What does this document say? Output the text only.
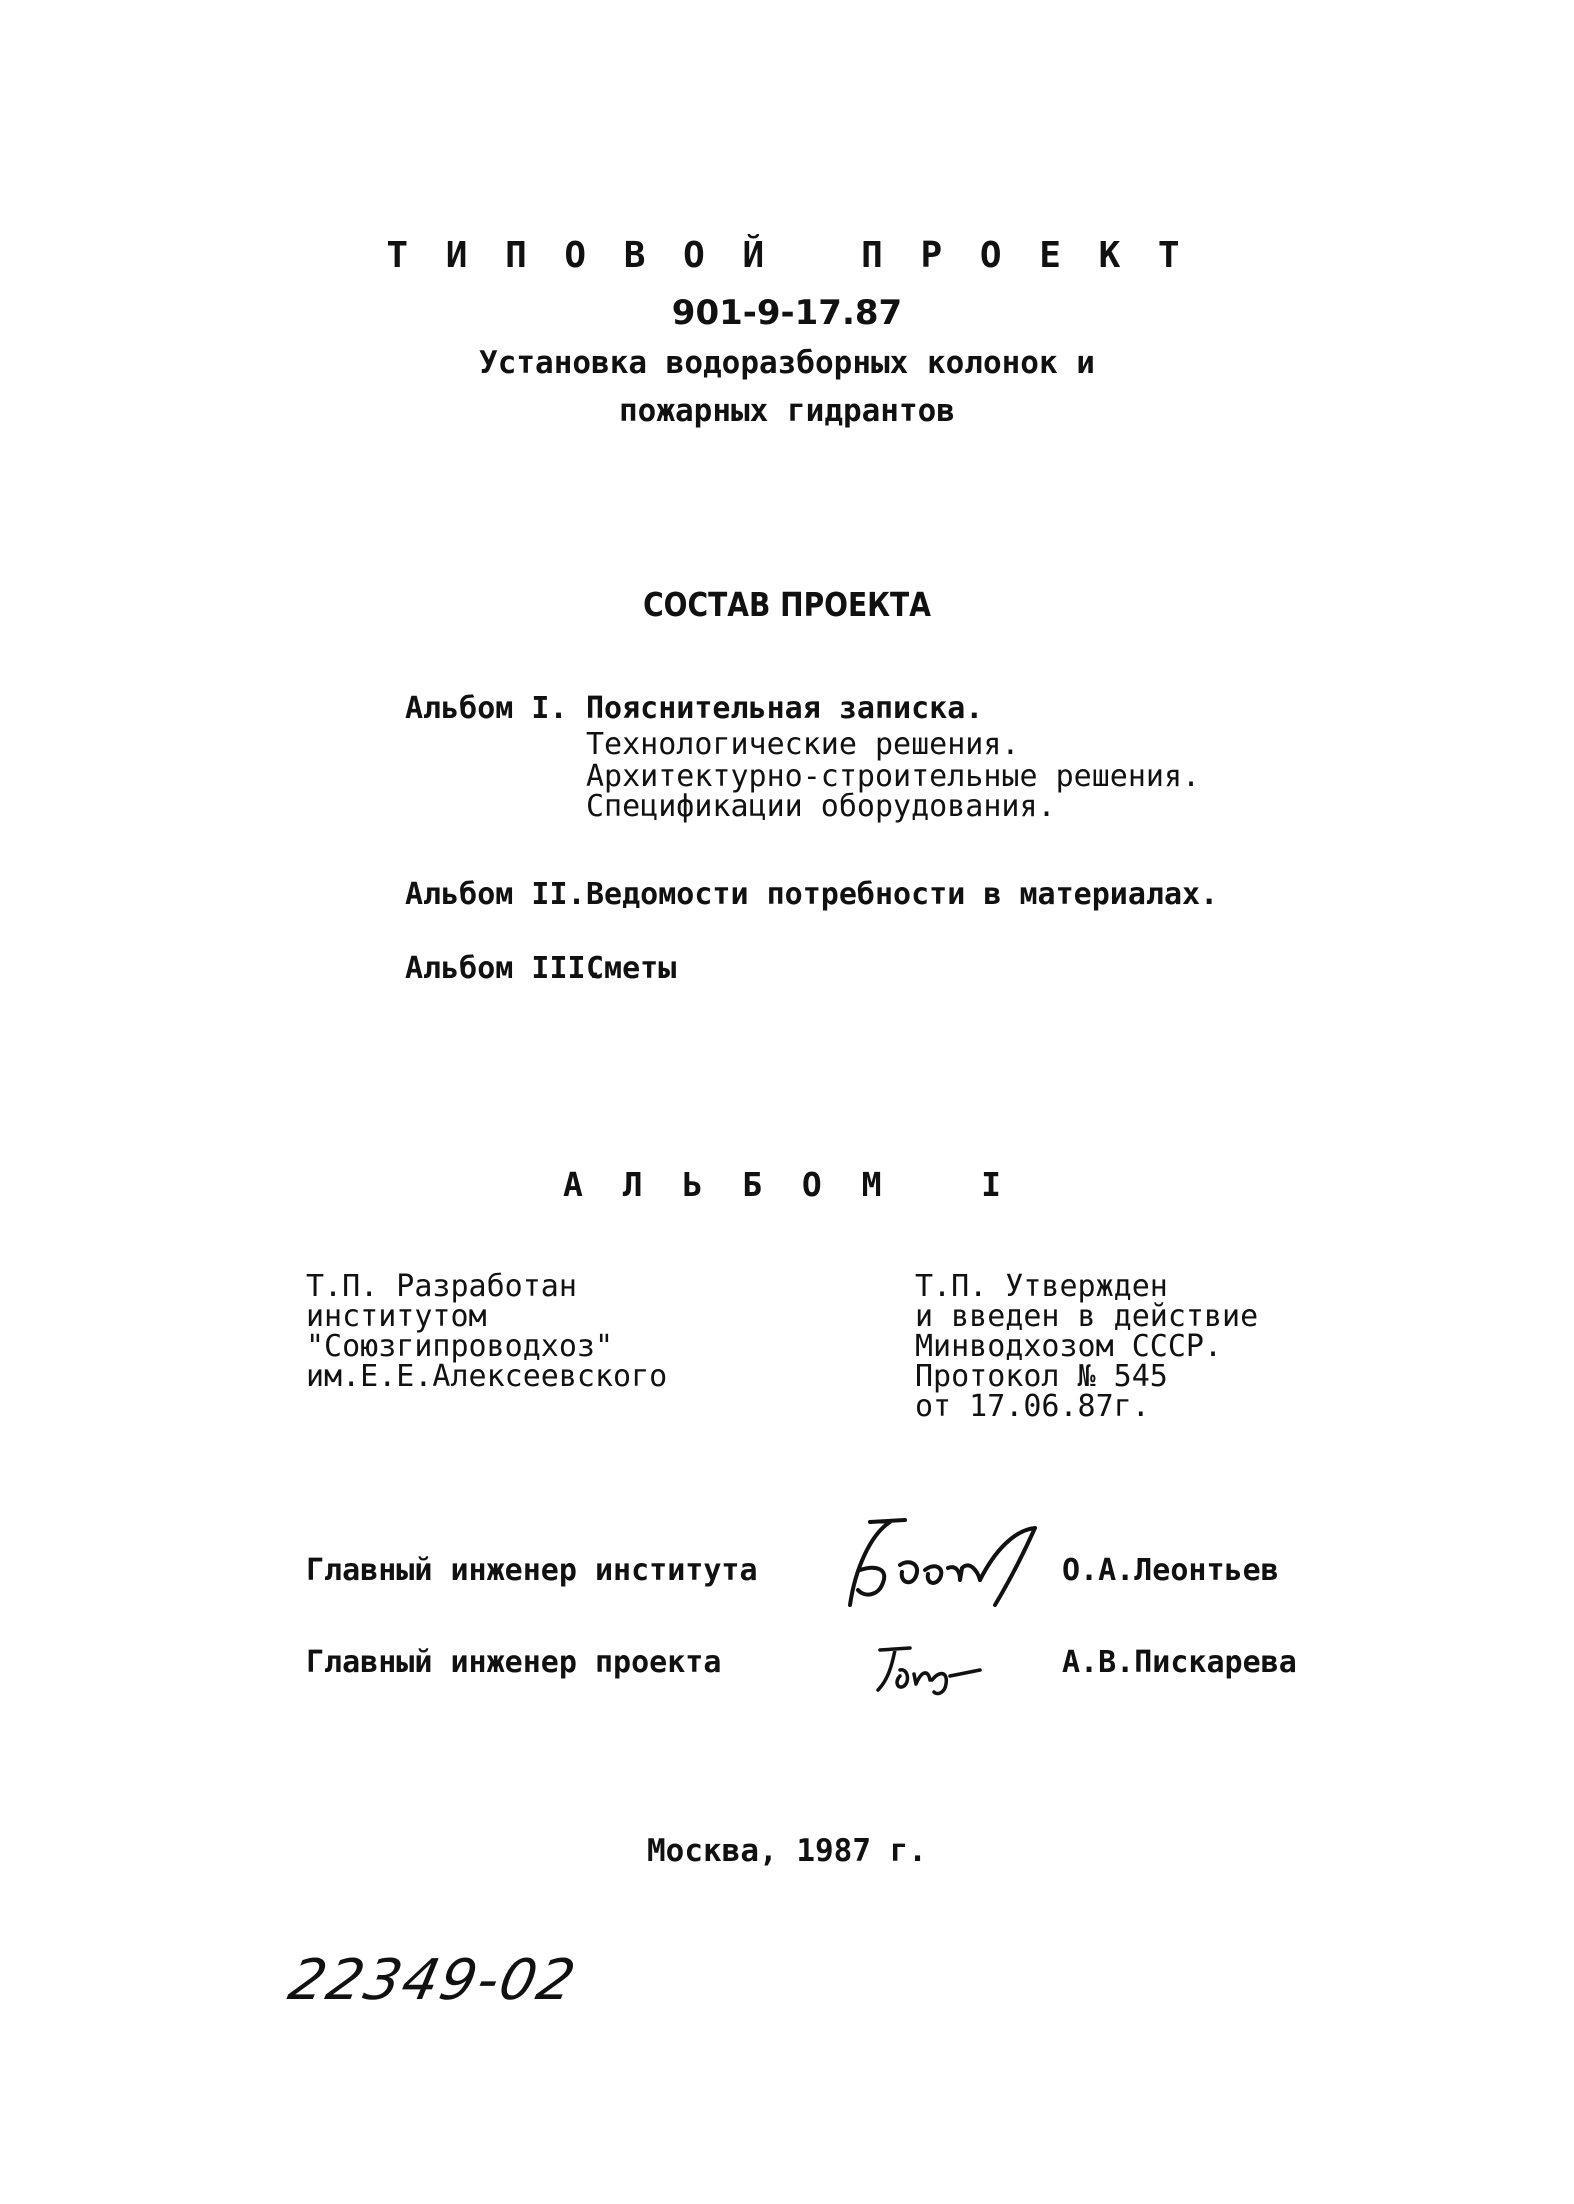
Т И П О В О Й   П Р О Е К Т
901-9-17.87
Установка водоразборных колонок и
пожарных гидрантов
СОСТАВ ПРОЕКТА
Альбом I. Пояснительная записка.
Технологические решения.
Архитектурно-строительные решения.
Спецификации оборудования.
Альбом II. Ведомости потребности в материалах.
Альбом III.
Сметы
А Л Ь Б О М   I
Т.П. Разработан
институтом
"Союзгипроводхоз"
им.Е.Е.Алексеевского
Т.П. Утвержден
и введен в действие
Минводхозом СССР.
Протокол № 545
от 17.06.87г.
Главный инженер института	О.А.Леонтьев
Главный инженер проекта	А.В.Пискарева
Москва, 1987 г.
22349-02
